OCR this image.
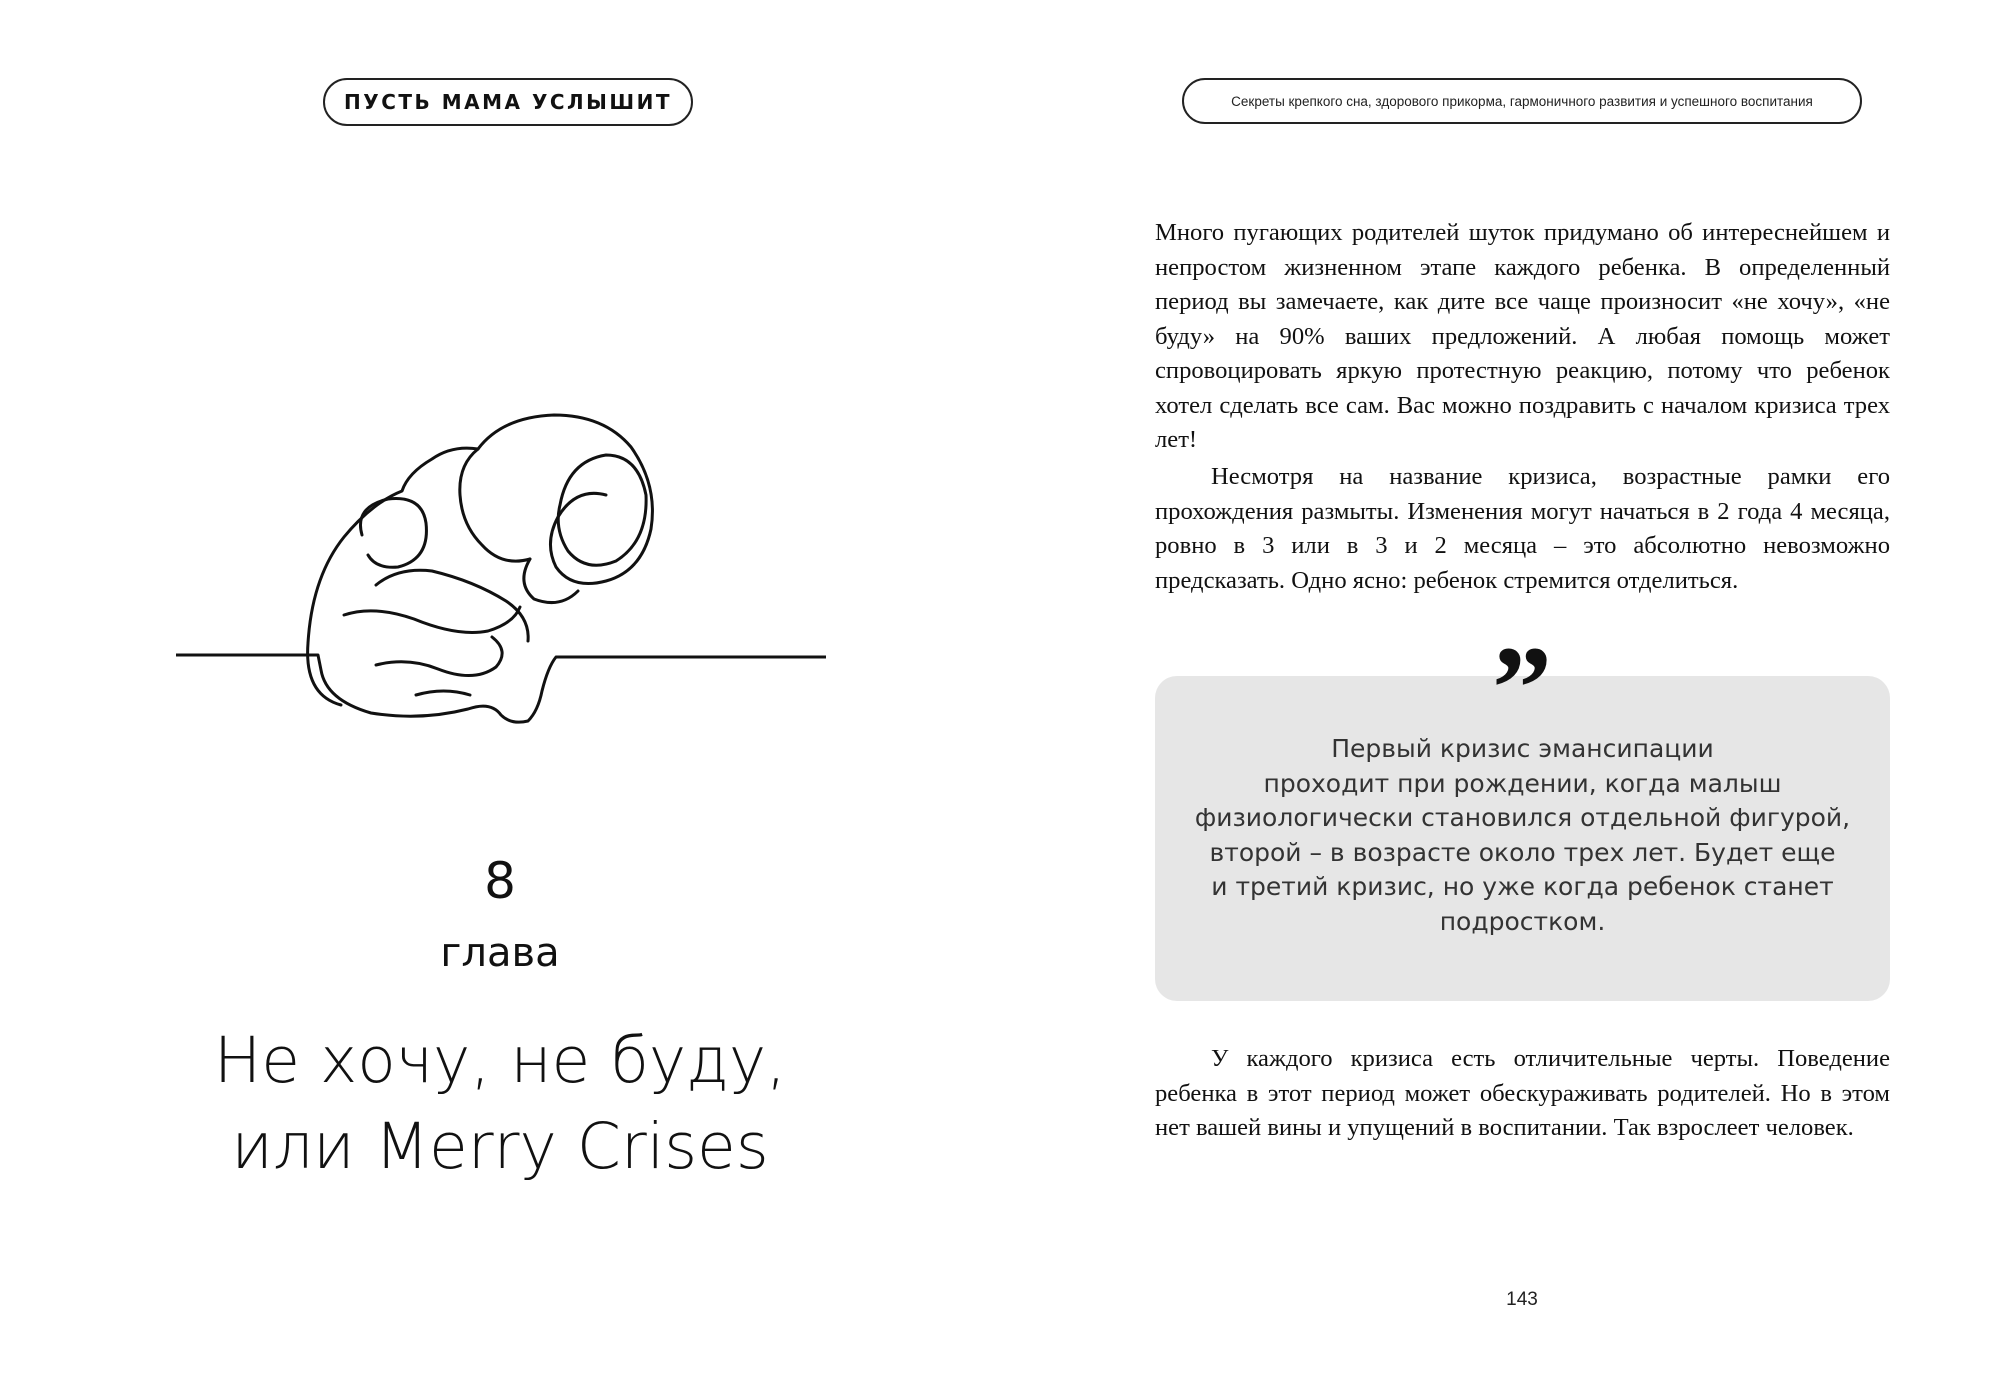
ПУСТЬ МАМА УСЛЫШИТ
8
глава
Не хочу, не буду,
или Merry Crises
Секреты крепкого сна, здорового прикорма, гармоничного развития и успешного воспитания

Много пугающих родителей шуток придумано об интереснейшем и непростом жизненном этапе каждого ребенка. В определенный период вы замечаете, как дите все чаще произносит «не хочу», «не буду» на 90% ваших предложений. А любая помощь может спровоцировать яркую протестную реакцию, потому что ребенок хотел сделать все сам. Вас можно поздравить с началом кризиса трех лет!

Несмотря на название кризиса, возрастные рамки его прохождения размыты. Изменения могут начаться в 2 года 4 месяца, ровно в 3 или в 3 и 2 месяца – это абсолютно невозможно предсказать. Одно ясно: ребенок стремится отделиться.

Первый кризис эмансипации
проходит при рождении, когда малыш
физиологически становился отдельной фигурой,
второй – в возрасте около трех лет. Будет еще
и третий кризис, но уже когда ребенок станет
подростком.
”

У каждого кризиса есть отличительные черты. Поведение ребенка в этот период может обескураживать родителей. Но в этом нет вашей вины и упущений в воспитании. Так взрослеет человек.

143
